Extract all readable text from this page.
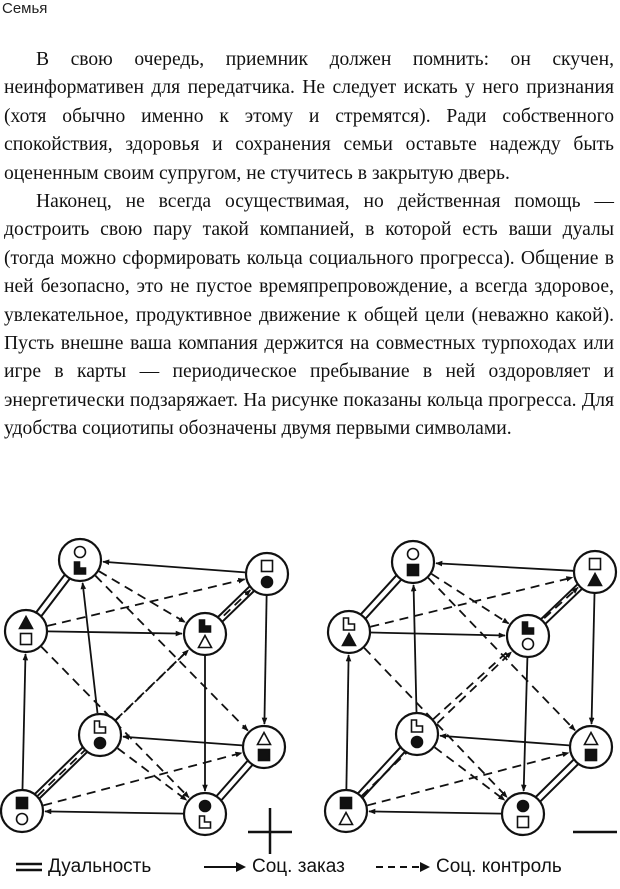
Семья

В свою очередь, приемник должен помнить: он скучен, неинформативен для передатчика. Не следует искать у него признания (хотя обычно именно к этому и стремятся). Ради собственного спокойствия, здоровья и сохранения семьи оставьте надежду быть оцененным своим супругом, не стучитесь в закрытую дверь.

Наконец, не всегда осуществимая, но действенная помощь — достроить свою пару такой компанией, в которой есть ваши дуалы (тогда можно сформировать кольца социального прогресса). Общение в ней безопасно, это не пустое времяпрепровождение, а всегда здоровое, увлекательное, продуктивное движение к общей цели (неважно какой). Пусть внешне ваша компания держится на совместных турпоходах или игре в карты — периодическое пребывание в ней оздоровляет и энергетически подзаряжает. На рисунке показаны кольца прогресса. Для удобства социотипы обозначены двумя первыми символами.

Дуальность	Соц. заказ	Соц. контроль
